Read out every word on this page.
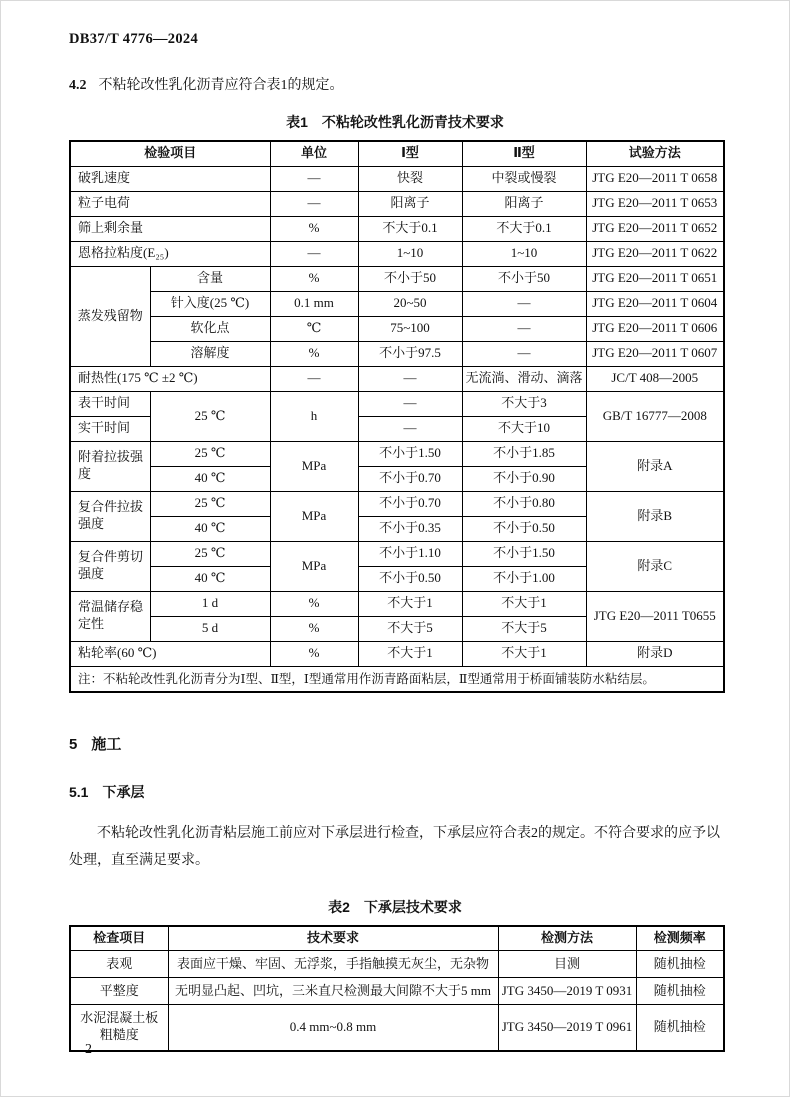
DB37/T 4776—2024
4.2 不粘轮改性乳化沥青应符合表1的规定。
表1　不粘轮改性乳化沥青技术要求
检验项目		单位	Ⅰ型	Ⅱ型	试验方法
破乳速度		—	快裂	中裂或慢裂	JTG E20—2011 T 0658
粒子电荷		—	阳离子	阳离子	JTG E20—2011 T 0653
筛上剩余量		%	不大于0.1	不大于0.1	JTG E20—2011 T 0652
恩格拉粘度(E₂₅)		—	1~10	1~10	JTG E20—2011 T 0622
蒸发残留物	含量	%	不小于50	不小于50	JTG E20—2011 T 0651
	针入度(25 ℃)	0.1 mm	20~50	—	JTG E20—2011 T 0604
	软化点	℃	75~100	—	JTG E20—2011 T 0606
	溶解度	%	不小于97.5	—	JTG E20—2011 T 0607
耐热性(175 ℃ ±2 ℃)		—	—	无流淌、滑动、滴落	JC/T 408—2005
表干时间	25 ℃	h	—	不大于3	GB/T 16777—2008
实干时间			—	不大于10	
附着拉拔强度	25 ℃	MPa	不小于1.50	不小于1.85	附录A
	40 ℃		不小于0.70	不小于0.90	
复合件拉拔强度	25 ℃	MPa	不小于0.70	不小于0.80	附录B
	40 ℃		不小于0.35	不小于0.50	
复合件剪切强度	25 ℃	MPa	不小于1.10	不小于1.50	附录C
	40 ℃		不小于0.50	不小于1.00	
常温储存稳定性	1 d	%	不大于1	不大于1	JTG E20—2011 T0655
	5 d	%	不大于5	不大于5	
粘轮率(60 ℃)		%	不大于1	不大于1	附录D
注：不粘轮改性乳化沥青分为Ⅰ型、Ⅱ型，Ⅰ型通常用作沥青路面粘层，Ⅱ型通常用于桥面铺装防水粘结层。					
5 施工
5.1 下承层
不粘轮改性乳化沥青粘层施工前应对下承层进行检查，下承层应符合表2的规定。不符合要求的应予以处理，直至满足要求。
表2　下承层技术要求
检查项目	技术要求	检测方法	检测频率
表观	表面应干燥、牢固、无浮浆，手指触摸无灰尘，无杂物	目测	随机抽检
平整度	无明显凸起、凹坑，三米直尺检测最大间隙不大于5 mm	JTG 3450—2019 T 0931	随机抽检
水泥混凝土板粗糙度	0.4 mm~0.8 mm	JTG 3450—2019 T 0961	随机抽检
2
